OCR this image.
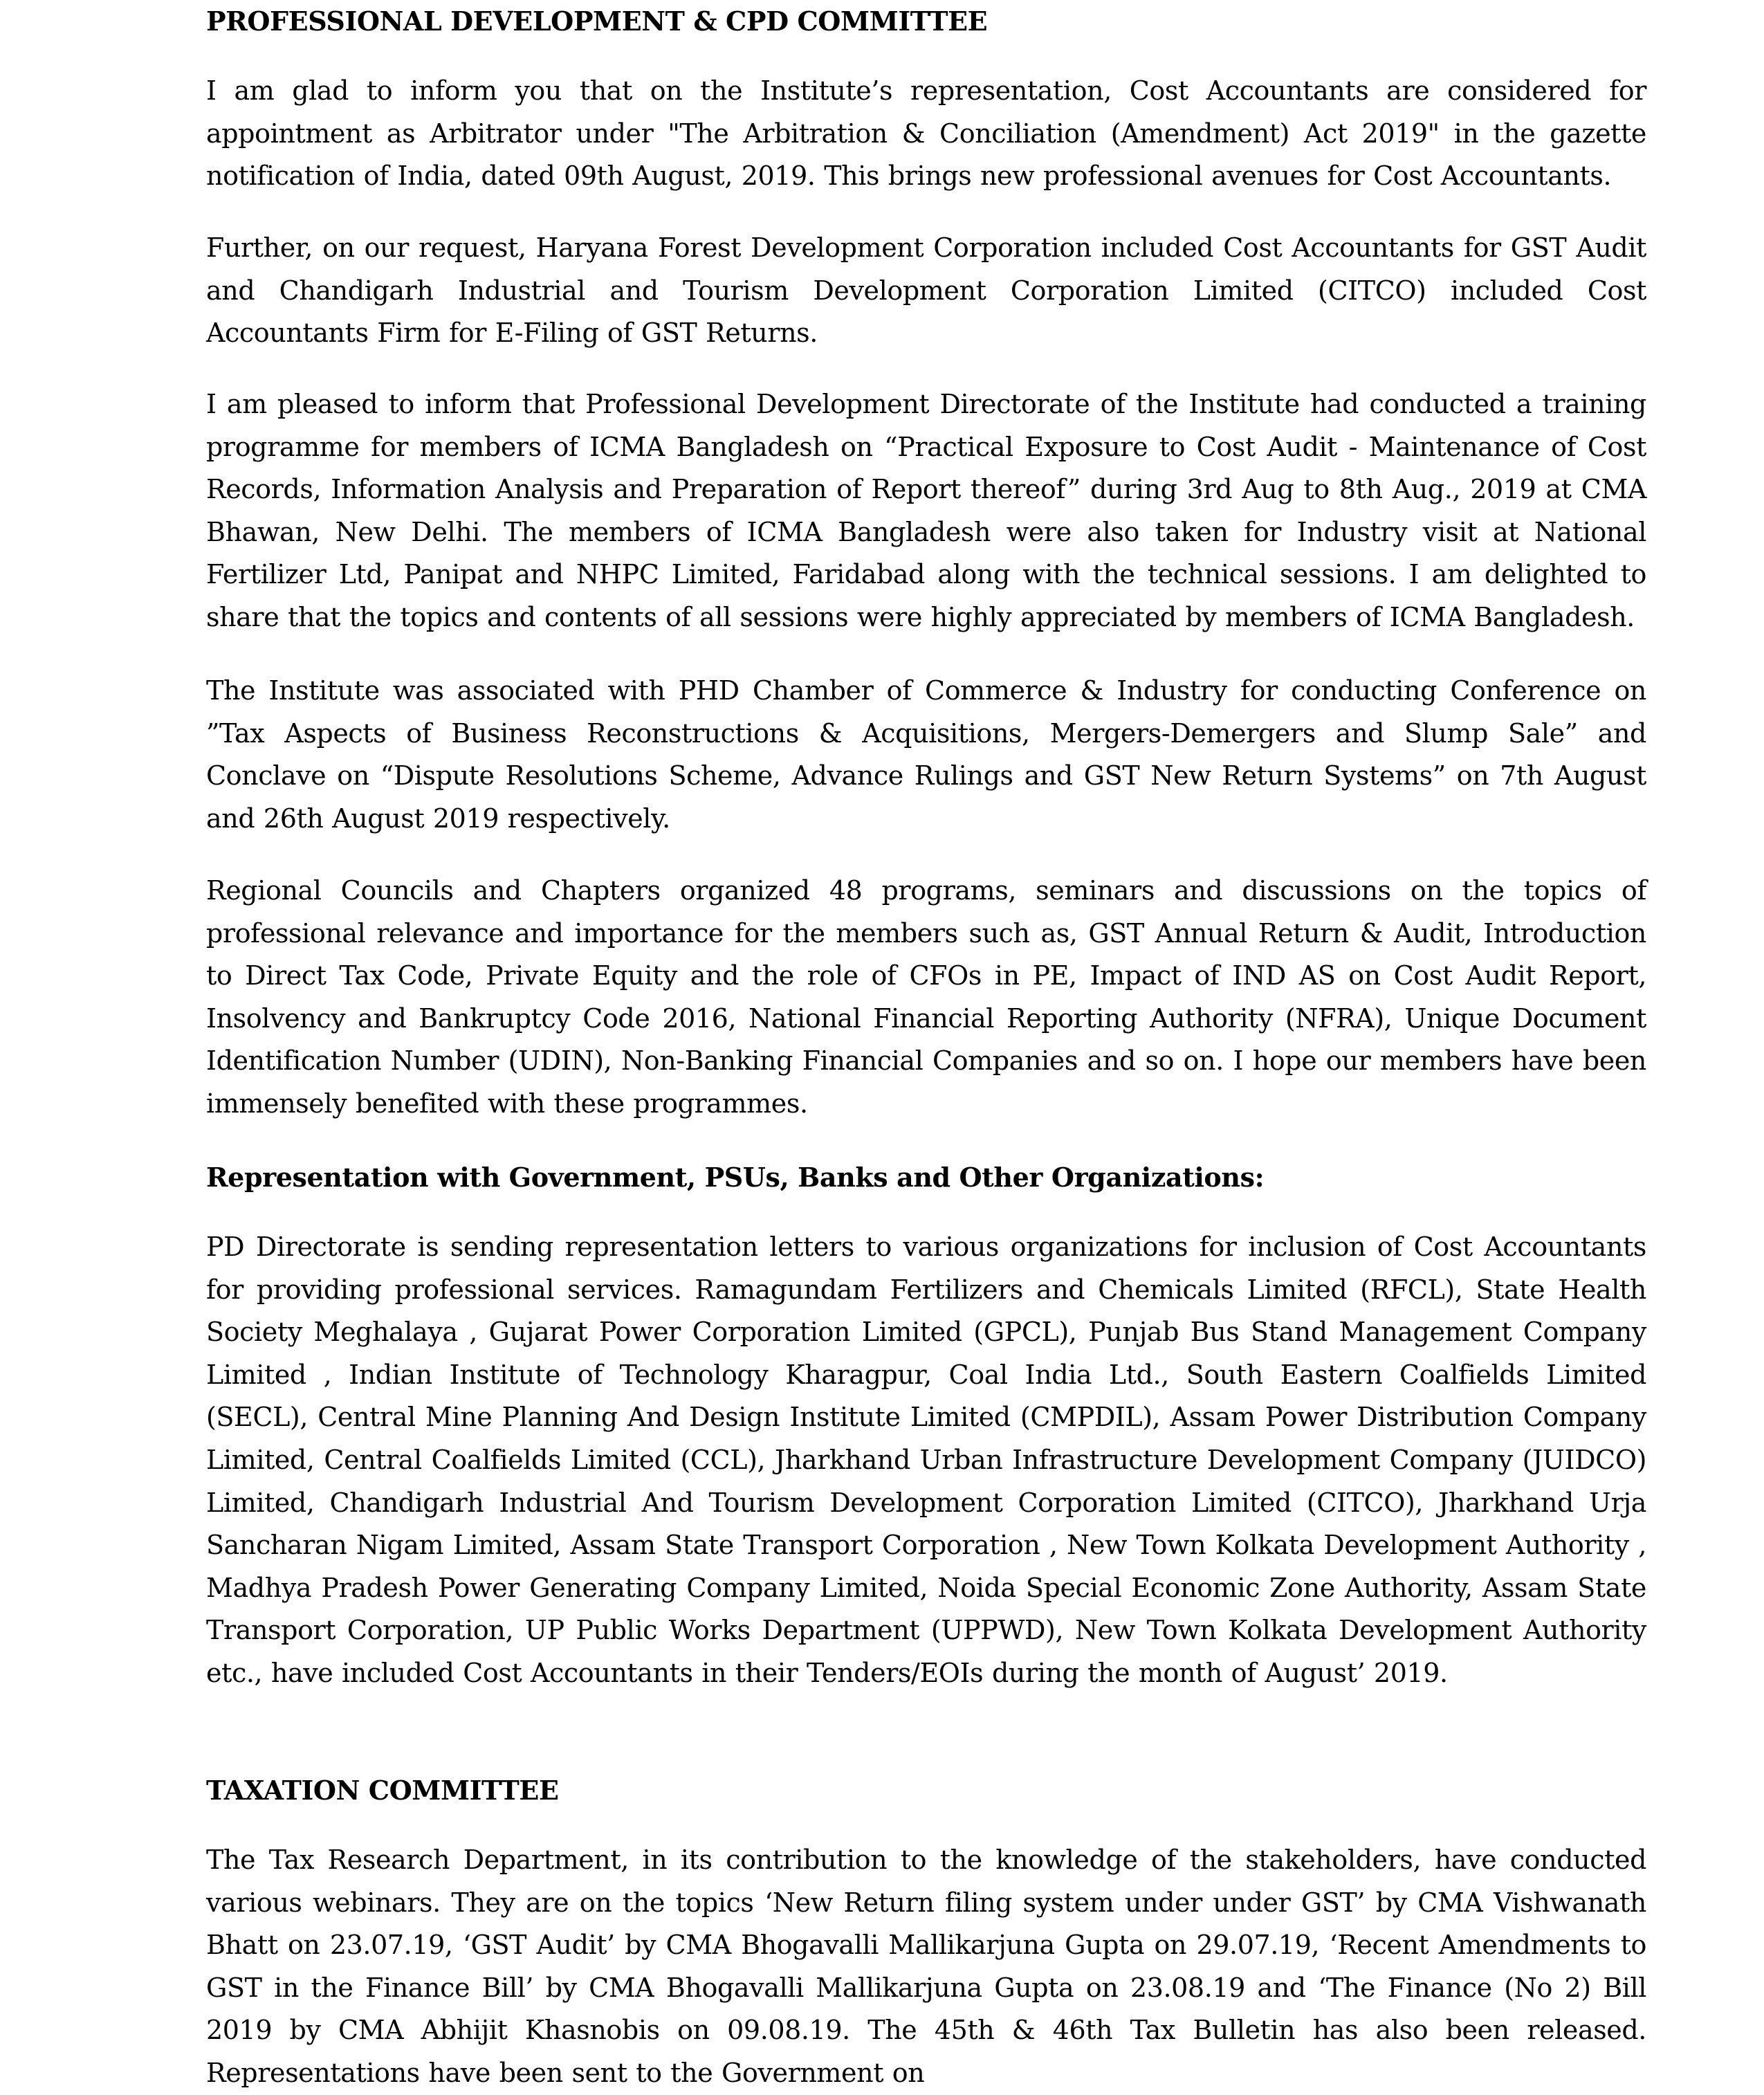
PROFESSIONAL DEVELOPMENT & CPD COMMITTEE

I am glad to inform you that on the Institute’s representation, Cost Accountants are considered for appointment as Arbitrator under "The Arbitration & Conciliation (Amendment) Act 2019" in the gazette notification of India, dated 09th August, 2019. This brings new professional avenues for Cost Accountants.

Further, on our request, Haryana Forest Development Corporation included Cost Accountants for GST Audit and Chandigarh Industrial and Tourism Development Corporation Limited (CITCO) included Cost Accountants Firm for E-Filing of GST Returns.

I am pleased to inform that Professional Development Directorate of the Institute had conducted a training programme for members of ICMA Bangladesh on “Practical Exposure to Cost Audit - Maintenance of Cost Records, Information Analysis and Preparation of Report thereof” during 3rd Aug to 8th Aug., 2019 at CMA Bhawan, New Delhi. The members of ICMA Bangladesh were also taken for Industry visit at National Fertilizer Ltd, Panipat and NHPC Limited, Faridabad along with the technical sessions. I am delighted to share that the topics and contents of all sessions were highly appreciated by members of ICMA Bangladesh.

The Institute was associated with PHD Chamber of Commerce & Industry for conducting Conference on ”Tax Aspects of Business Reconstructions & Acquisitions, Mergers-Demergers and Slump Sale” and Conclave on “Dispute Resolutions Scheme, Advance Rulings and GST New Return Systems” on 7th August and 26th August 2019 respectively.

Regional Councils and Chapters organized 48 programs, seminars and discussions on the topics of professional relevance and importance for the members such as, GST Annual Return & Audit, Introduction to Direct Tax Code, Private Equity and the role of CFOs in PE, Impact of IND AS on Cost Audit Report, Insolvency and Bankruptcy Code 2016, National Financial Reporting Authority (NFRA), Unique Document Identification Number (UDIN), Non-Banking Financial Companies and so on. I hope our members have been immensely benefited with these programmes.

Representation with Government, PSUs, Banks and Other Organizations:

PD Directorate is sending representation letters to various organizations for inclusion of Cost Accountants for providing professional services. Ramagundam Fertilizers and Chemicals Limited (RFCL), State Health Society Meghalaya , Gujarat Power Corporation Limited (GPCL), Punjab Bus Stand Management Company Limited , Indian Institute of Technology Kharagpur, Coal India Ltd., South Eastern Coalfields Limited (SECL), Central Mine Planning And Design Institute Limited (CMPDIL), Assam Power Distribution Company Limited, Central Coalfields Limited (CCL), Jharkhand Urban Infrastructure Development Company (JUIDCO) Limited, Chandigarh Industrial And Tourism Development Corporation Limited (CITCO), Jharkhand Urja Sancharan Nigam Limited, Assam State Transport Corporation , New Town Kolkata Development Authority , Madhya Pradesh Power Generating Company Limited, Noida Special Economic Zone Authority, Assam State Transport Corporation, UP Public Works Department (UPPWD), New Town Kolkata Development Authority etc., have included Cost Accountants in their Tenders/EOIs during the month of August’ 2019.

TAXATION COMMITTEE

The Tax Research Department, in its contribution to the knowledge of the stakeholders, have conducted various webinars. They are on the topics ‘New Return filing system under under GST’ by CMA Vishwanath Bhatt on 23.07.19, ‘GST Audit’ by CMA Bhogavalli Mallikarjuna Gupta on 29.07.19, ‘Recent Amendments to GST in the Finance Bill’ by CMA Bhogavalli Mallikarjuna Gupta on 23.08.19 and ‘The Finance (No 2) Bill 2019 by CMA Abhijit Khasnobis on 09.08.19. The 45th & 46th Tax Bulletin has also been released. Representations have been sent to the Government on
